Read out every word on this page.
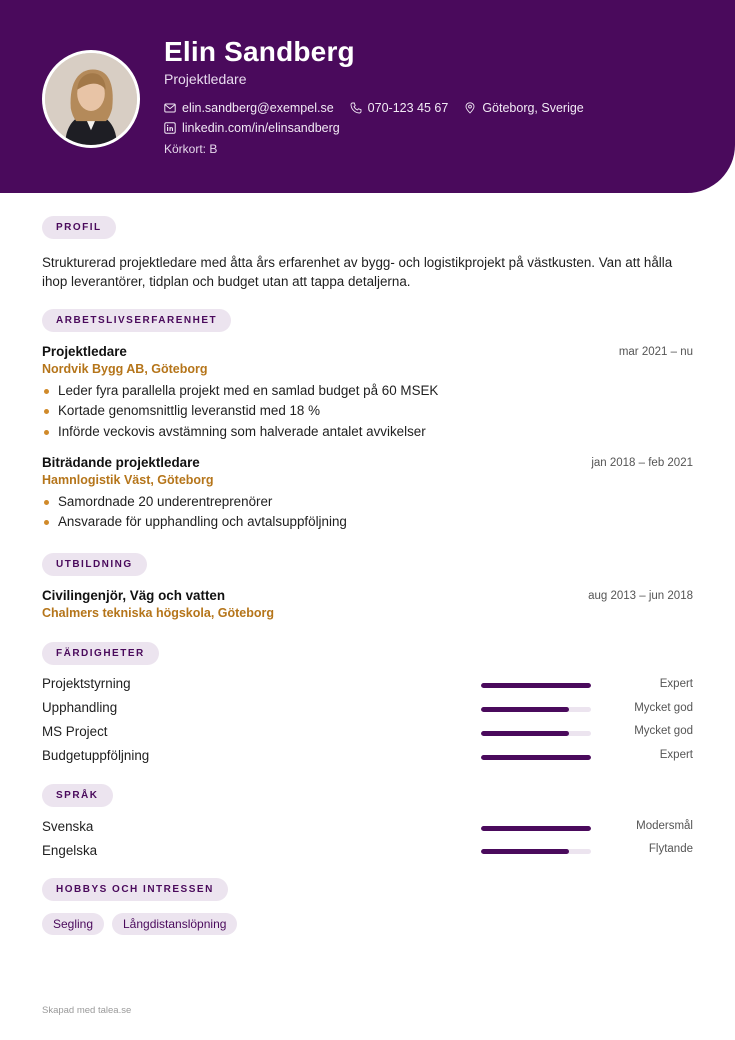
Elin Sandberg
Projektledare
elin.sandberg@exempel.se	070-123 45 67	Göteborg, Sverige
linkedin.com/in/elinsandberg
Körkort: B
PROFIL
Strukturerad projektledare med åtta års erfarenhet av bygg- och logistikprojekt på västkusten. Van att hålla ihop leverantörer, tidplan och budget utan att tappa detaljerna.
ARBETSLIVSERFARENHET
Projektledare	mar 2021 – nu
Nordvik Bygg AB, Göteborg
Leder fyra parallella projekt med en samlad budget på 60 MSEK
Kortade genomsnittlig leveranstid med 18 %
Införde veckovis avstämning som halverade antalet avvikelser
Biträdande projektledare	jan 2018 – feb 2021
Hamnlogistik Väst, Göteborg
Samordnade 20 underentreprenörer
Ansvarade för upphandling och avtalsuppföljning
UTBILDNING
Civilingenjör, Väg och vatten	aug 2013 – jun 2018
Chalmers tekniska högskola, Göteborg
FÄRDIGHETER
Projektstyrning	Expert
Upphandling	Mycket god
MS Project	Mycket god
Budgetuppföljning	Expert
SPRÅK
Svenska	Modersmål
Engelska	Flytande
HOBBYS OCH INTRESSEN
Segling	Långdistanslöpning
Skapad med talea.se
